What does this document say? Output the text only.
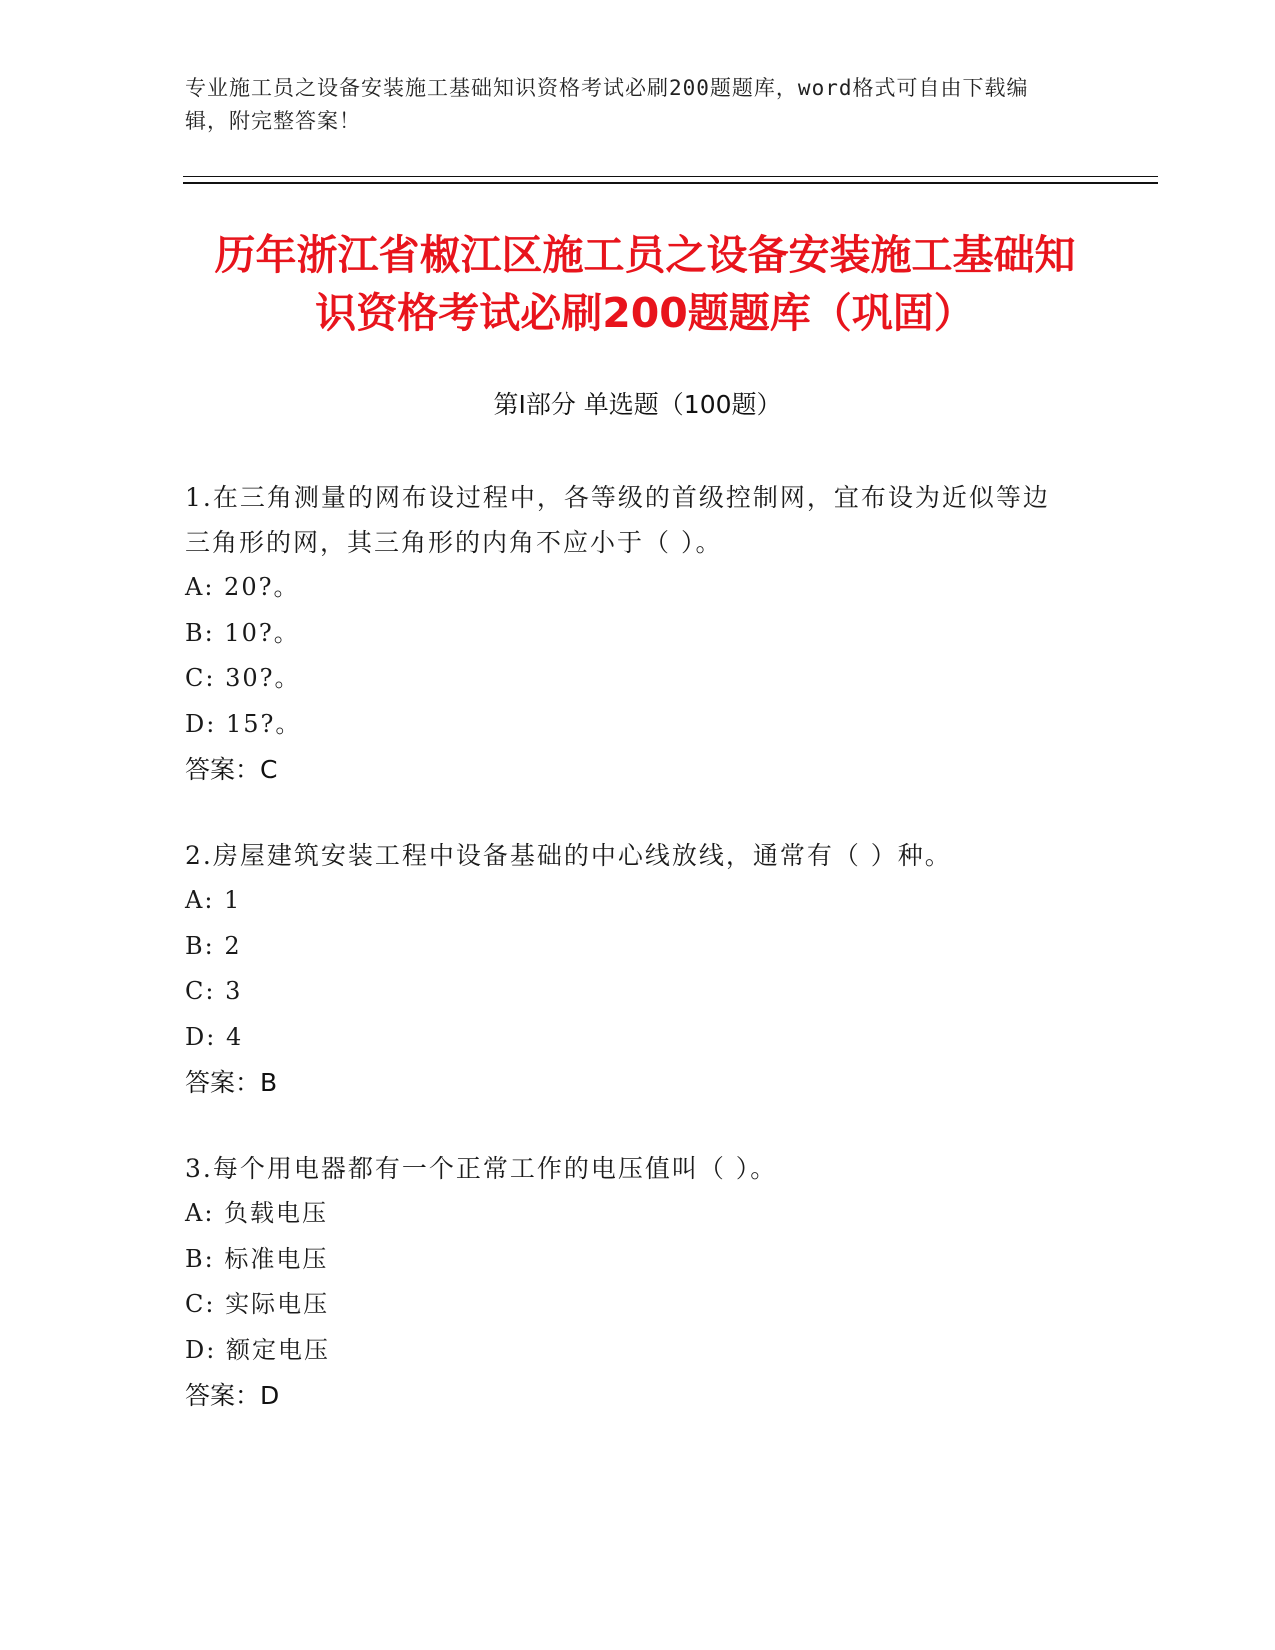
专业施工员之设备安装施工基础知识资格考试必刷200题题库，word格式可自由下载编辑，附完整答案！
历年浙江省椒江区施工员之设备安装施工基础知识资格考试必刷200题题库（巩固）
第Ⅰ部分 单选题（100题）
1.在三角测量的网布设过程中，各等级的首级控制网，宜布设为近似等边三角形的网，其三角形的内角不应小于（ ）。
A: 20?。
B: 10?。
C: 30?。
D: 15?。
答案：C
2.房屋建筑安装工程中设备基础的中心线放线，通常有（ ）种。
A: 1
B: 2
C: 3
D: 4
答案：B
3.每个用电器都有一个正常工作的电压值叫（ ）。
A: 负载电压
B: 标准电压
C: 实际电压
D: 额定电压
答案：D
